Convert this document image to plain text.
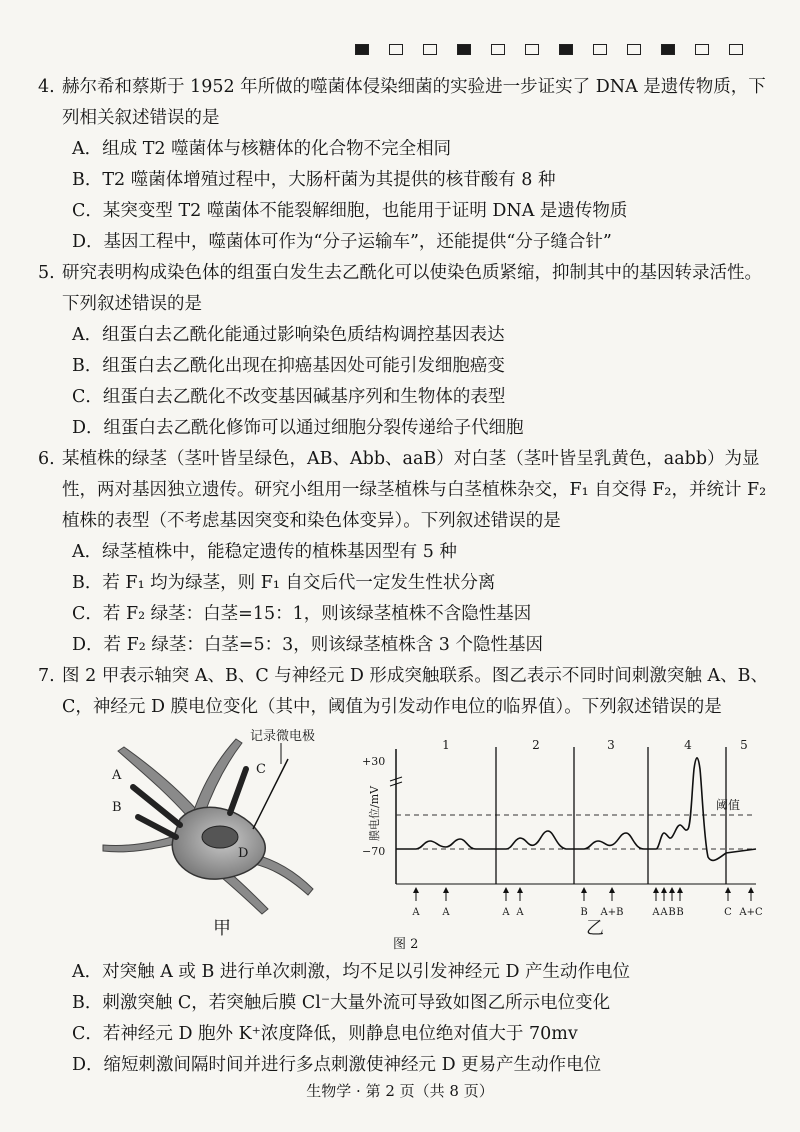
4. 赫尔希和蔡斯于 1952 年所做的噬菌体侵染细菌的实验进一步证实了 DNA 是遗传物质，下列相关叙述错误的是
A．组成 T2 噬菌体与核糖体的化合物不完全相同
B．T2 噬菌体增殖过程中，大肠杆菌为其提供的核苷酸有 8 种
C．某突变型 T2 噬菌体不能裂解细胞，也能用于证明 DNA 是遗传物质
D．基因工程中，噬菌体可作为“分子运输车”，还能提供“分子缝合针”
5. 研究表明构成染色体的组蛋白发生去乙酰化可以使染色质紧缩，抑制其中的基因转录活性。下列叙述错误的是
A．组蛋白去乙酰化能通过影响染色质结构调控基因表达
B．组蛋白去乙酰化出现在抑癌基因处可能引发细胞癌变
C．组蛋白去乙酰化不改变基因碱基序列和生物体的表型
D．组蛋白去乙酰化修饰可以通过细胞分裂传递给子代细胞
6. 某植株的绿茎（茎叶皆呈绿色，AB、Abb、aaB）对白茎（茎叶皆呈乳黄色，aabb）为显性，两对基因独立遗传。研究小组用一绿茎植株与白茎植株杂交，F₁ 自交得 F₂，并统计 F₂ 植株的表型（不考虑基因突变和染色体变异）。下列叙述错误的是
A．绿茎植株中，能稳定遗传的植株基因型有 5 种
B．若 F₁ 均为绿茎，则 F₁ 自交后代一定发生性状分离
C．若 F₂ 绿茎：白茎=15：1，则该绿茎植株不含隐性基因
D．若 F₂ 绿茎：白茎=5：3，则该绿茎植株含 3 个隐性基因
7. 图 2 甲表示轴突 A、B、C 与神经元 D 形成突触联系。图乙表示不同时间刺激突触 A、B、C，神经元 D 膜电位变化（其中，阈值为引发动作电位的临界值）。下列叙述错误的是
记录微电极
A
B
C
D
甲
+30
−70
膜电位/mV	阈值
1	2	3	4	5
A A	A A	B A+B	A A B B	C A+C
乙
图 2
A．对突触 A 或 B 进行单次刺激，均不足以引发神经元 D 产生动作电位
B．刺激突触 C，若突触后膜 Cl⁻大量外流可导致如图乙所示电位变化
C．若神经元 D 胞外 K⁺浓度降低，则静息电位绝对值大于 70mv
D．缩短刺激间隔时间并进行多点刺激使神经元 D 更易产生动作电位
生物学 · 第 2 页（共 8 页）
